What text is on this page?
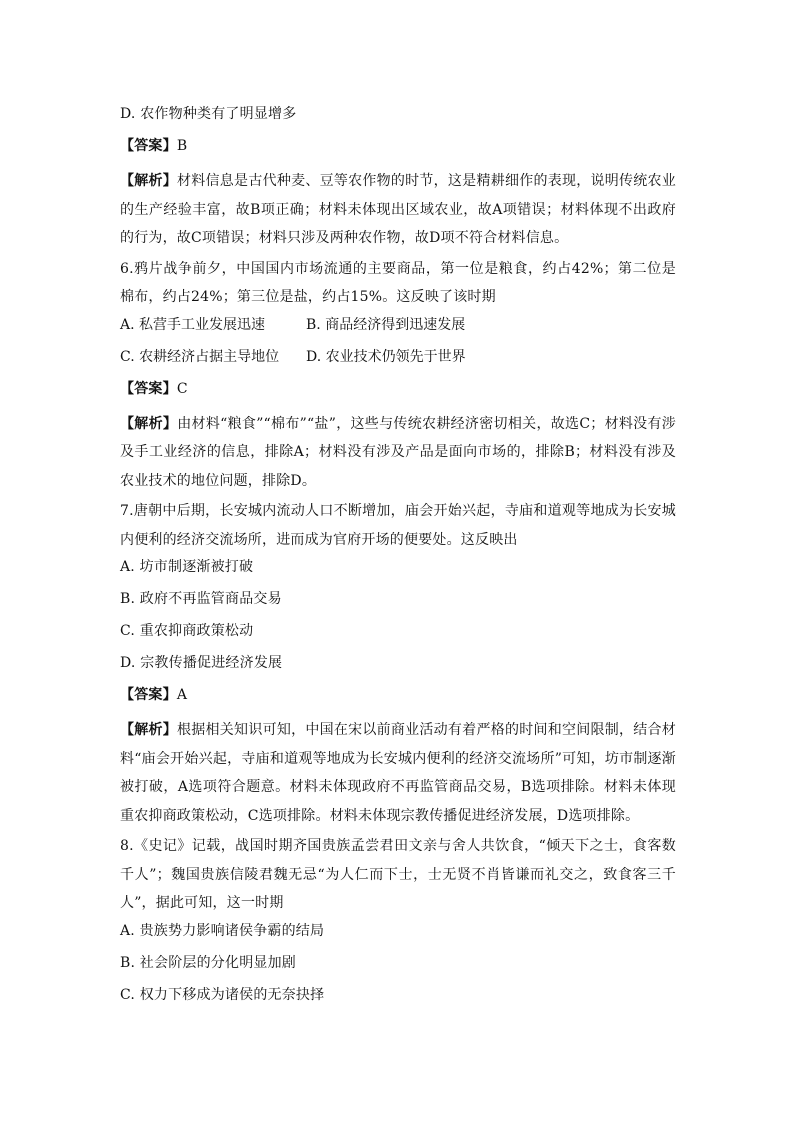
D. 农作物种类有了明显增多
【答案】B
【解析】材料信息是古代种麦、豆等农作物的时节，这是精耕细作的表现，说明传统农业的生产经验丰富，故B项正确；材料未体现出区域农业，故A项错误；材料体现不出政府的行为，故C项错误；材料只涉及两种农作物，故D项不符合材料信息。
6.鸦片战争前夕，中国国内市场流通的主要商品，第一位是粮食，约占42%；第二位是棉布，约占24%；第三位是盐，约占15%。这反映了该时期
A. 私营手工业发展迅速	B. 商品经济得到迅速发展
C. 农耕经济占据主导地位	D. 农业技术仍领先于世界
【答案】C
【解析】由材料“粮食”“棉布”“盐”，这些与传统农耕经济密切相关，故选C；材料没有涉及手工业经济的信息，排除A；材料没有涉及产品是面向市场的，排除B；材料没有涉及农业技术的地位问题，排除D。
7.唐朝中后期，长安城内流动人口不断增加，庙会开始兴起，寺庙和道观等地成为长安城内便利的经济交流场所，进而成为官府开场的便要处。这反映出
A. 坊市制逐渐被打破
B. 政府不再监管商品交易
C. 重农抑商政策松动
D. 宗教传播促进经济发展
【答案】A
【解析】根据相关知识可知，中国在宋以前商业活动有着严格的时间和空间限制，结合材料“庙会开始兴起，寺庙和道观等地成为长安城内便利的经济交流场所”可知，坊市制逐渐被打破，A选项符合题意。材料未体现政府不再监管商品交易，B选项排除。材料未体现重农抑商政策松动，C选项排除。材料未体现宗教传播促进经济发展，D选项排除。
8.《史记》记载，战国时期齐国贵族孟尝君田文亲与舍人共饮食，“倾天下之士，食客数千人”；魏国贵族信陵君魏无忌“为人仁而下士，士无贤不肖皆谦而礼交之，致食客三千人”，据此可知，这一时期
A. 贵族势力影响诸侯争霸的结局
B. 社会阶层的分化明显加剧
C. 权力下移成为诸侯的无奈抉择
